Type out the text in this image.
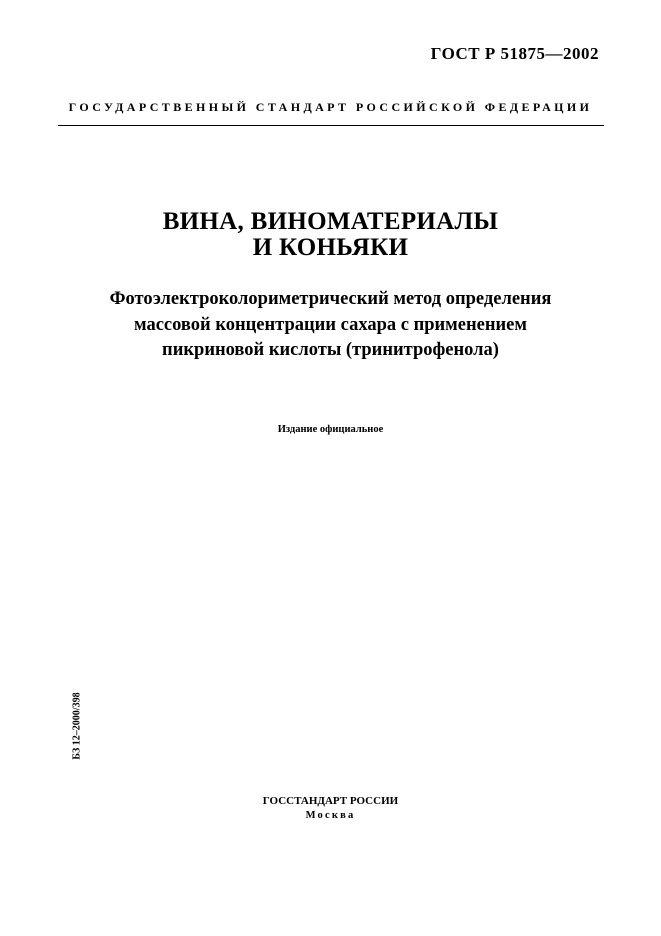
ГОСТ Р 51875—2002
ГОСУДАРСТВЕННЫЙ СТАНДАРТ РОССИЙСКОЙ ФЕДЕРАЦИИ
ВИНА, ВИНОМАТЕРИАЛЫ
И КОНЬЯКИ
Фотоэлектроколориметрический метод определения
массовой концентрации сахара с применением
пикриновой кислоты (тринитрофенола)
Издание официальное
БЗ 12–2000/398
ГОССТАНДАРТ РОССИИ
Москва
